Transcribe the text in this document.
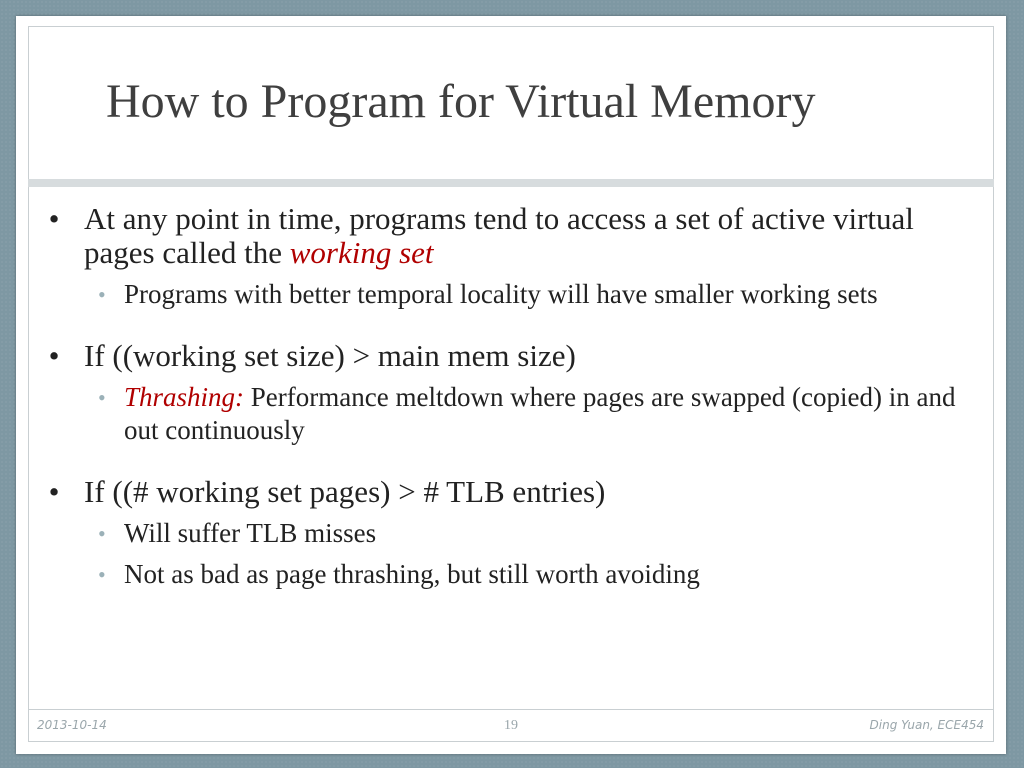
How to Program for Virtual Memory
• At any point in time, programs tend to access a set of active virtual pages called the working set
• Programs with better temporal locality will have smaller working sets
• If ((working set size) > main mem size)
• Thrashing: Performance meltdown where pages are swapped (copied) in and out continuously
• If ((# working set pages) > # TLB entries)
• Will suffer TLB misses
• Not as bad as page thrashing, but still worth avoiding
2013-10-14	19	Ding Yuan, ECE454
